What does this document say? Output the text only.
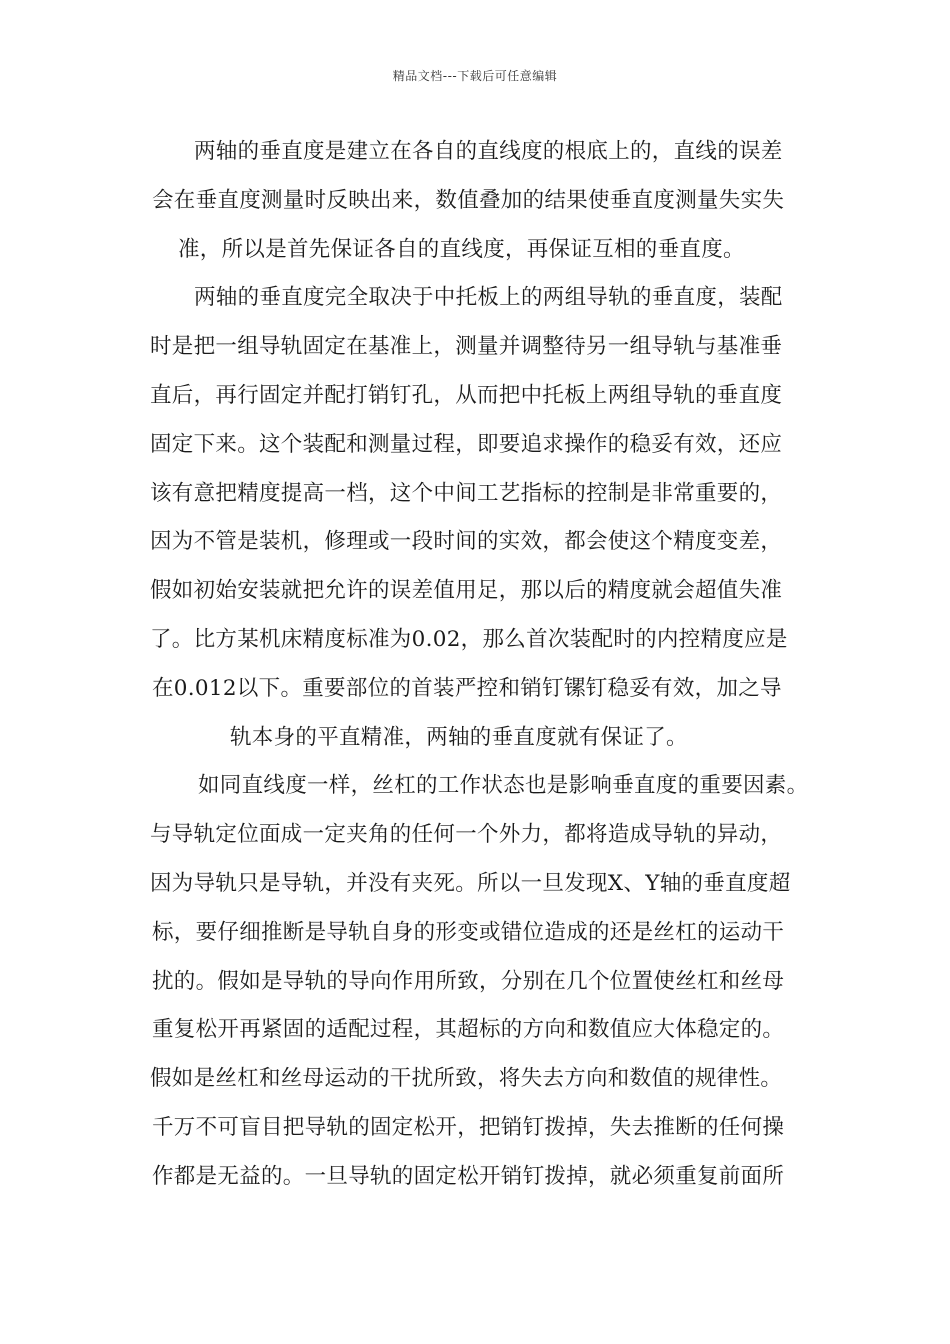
精品文档---下载后可任意编辑
两轴的垂直度是建立在各自的直线度的根底上的，直线的误差
会在垂直度测量时反映出来，数值叠加的结果使垂直度测量失实失
准，所以是首先保证各自的直线度，再保证互相的垂直度。
两轴的垂直度完全取决于中托板上的两组导轨的垂直度，装配
时是把一组导轨固定在基准上，测量并调整待另一组导轨与基准垂
直后，再行固定并配打销钉孔，从而把中托板上两组导轨的垂直度
固定下来。这个装配和测量过程，即要追求操作的稳妥有效，还应
该有意把精度提高一档，这个中间工艺指标的控制是非常重要的，
因为不管是装机，修理或一段时间的实效，都会使这个精度变差，
假如初始安装就把允许的误差值用足，那以后的精度就会超值失准
了。比方某机床精度标准为0.02，那么首次装配时的内控精度应是
在0.012以下。重要部位的首装严控和销钉镙钉稳妥有效，加之导
轨本身的平直精准，两轴的垂直度就有保证了。
如同直线度一样，丝杠的工作状态也是影响垂直度的重要因素。
与导轨定位面成一定夹角的任何一个外力，都将造成导轨的异动，
因为导轨只是导轨，并没有夹死。所以一旦发现X、Y轴的垂直度超
标，要仔细推断是导轨自身的形变或错位造成的还是丝杠的运动干
扰的。假如是导轨的导向作用所致，分别在几个位置使丝杠和丝母
重复松开再紧固的适配过程，其超标的方向和数值应大体稳定的。
假如是丝杠和丝母运动的干扰所致，将失去方向和数值的规律性。
千万不可盲目把导轨的固定松开，把销钉拨掉，失去推断的任何操
作都是无益的。一旦导轨的固定松开销钉拨掉，就必须重复前面所
